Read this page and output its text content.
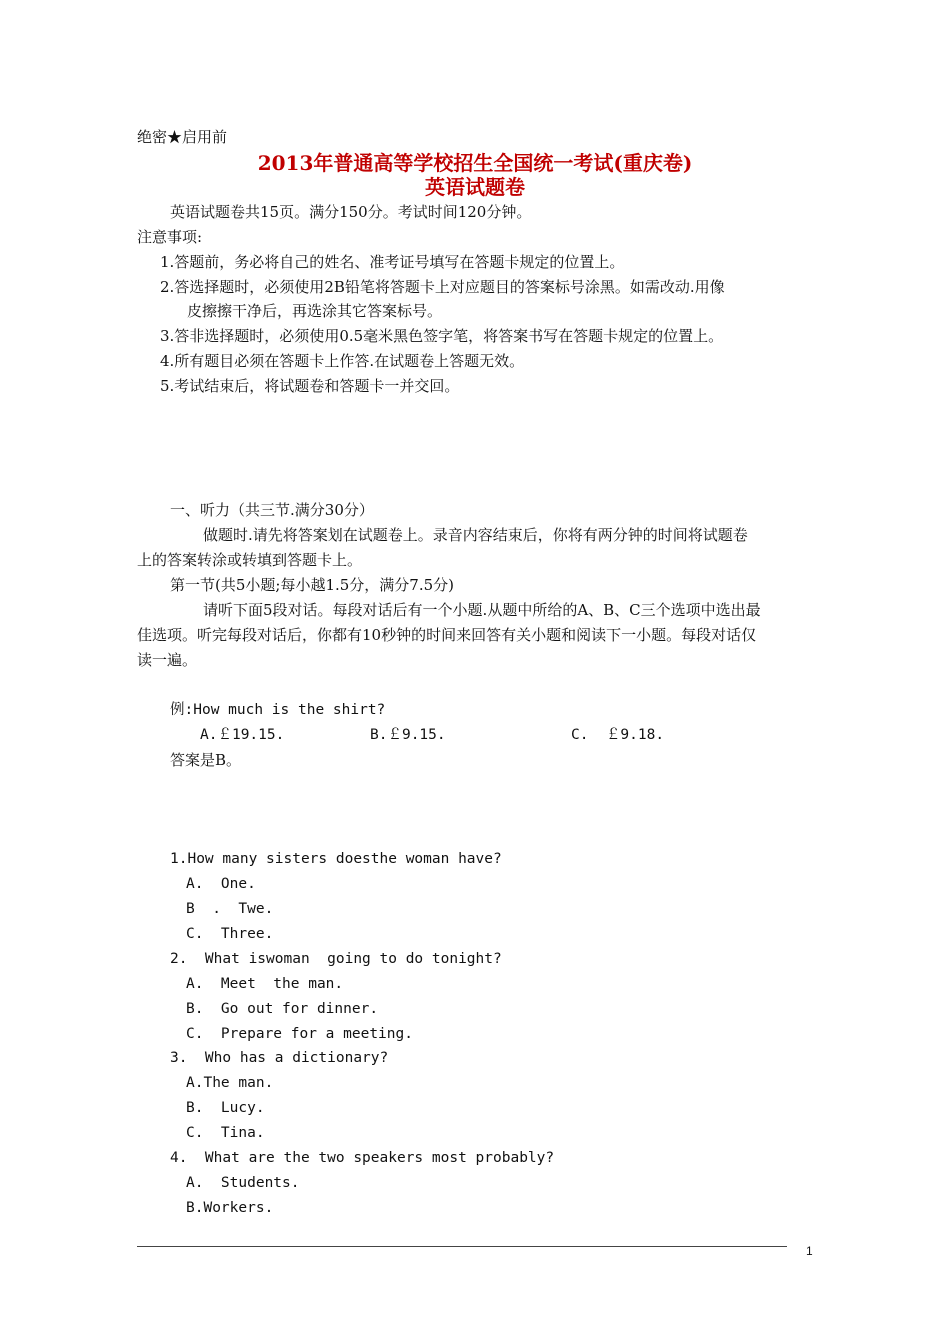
绝密★启用前
2013年普通高等学校招生全国统一考试(重庆卷)
英语试题卷
英语试题卷共15页。满分150分。考试时间120分钟。
注意事项:
1.答题前，务必将自己的姓名、准考证号填写在答题卡规定的位置上。
2.答选择题时，必须使用2B铅笔将答题卡上对应题目的答案标号涂黑。如需改动.用像
皮擦擦干净后，再选涂其它答案标号。
3.答非选择题时，必须使用0.5毫米黑色签字笔，将答案书写在答题卡规定的位置上。
4.所有题目必须在答题卡上作答.在试题卷上答题无效。
5.考试结束后，将试题卷和答题卡一并交回。
一、听力（共三节.满分30分）
做题时.请先将答案划在试题卷上。录音内容结束后，你将有两分钟的时间将试题卷
上的答案转涂或转填到答题卡上。
第一节(共5小题;每小越1.5分，满分7.5分)
请听下面5段对话。每段对话后有一个小题.从题中所给的A、B、C三个选项中选出最
佳选项。听完每段对话后，你都有10秒钟的时间来回答有关小题和阅读下一小题。每段对话仅
读一遍。
例:How much is the shirt?
A.￡19.15.	B.￡9.15.	C.  ￡9.18.
答案是B。
1.How many sisters doesthe woman have?
A.  One.
B  .  Twe.
C.  Three.
2.  What iswoman  going to do tonight?
A.  Meet  the man.
B.  Go out for dinner.
C.  Prepare for a meeting.
3.  Who has a dictionary?
A.The man.
B.  Lucy.
C.  Tina.
4.  What are the two speakers most probably?
A.  Students.
B.Workers.
1
